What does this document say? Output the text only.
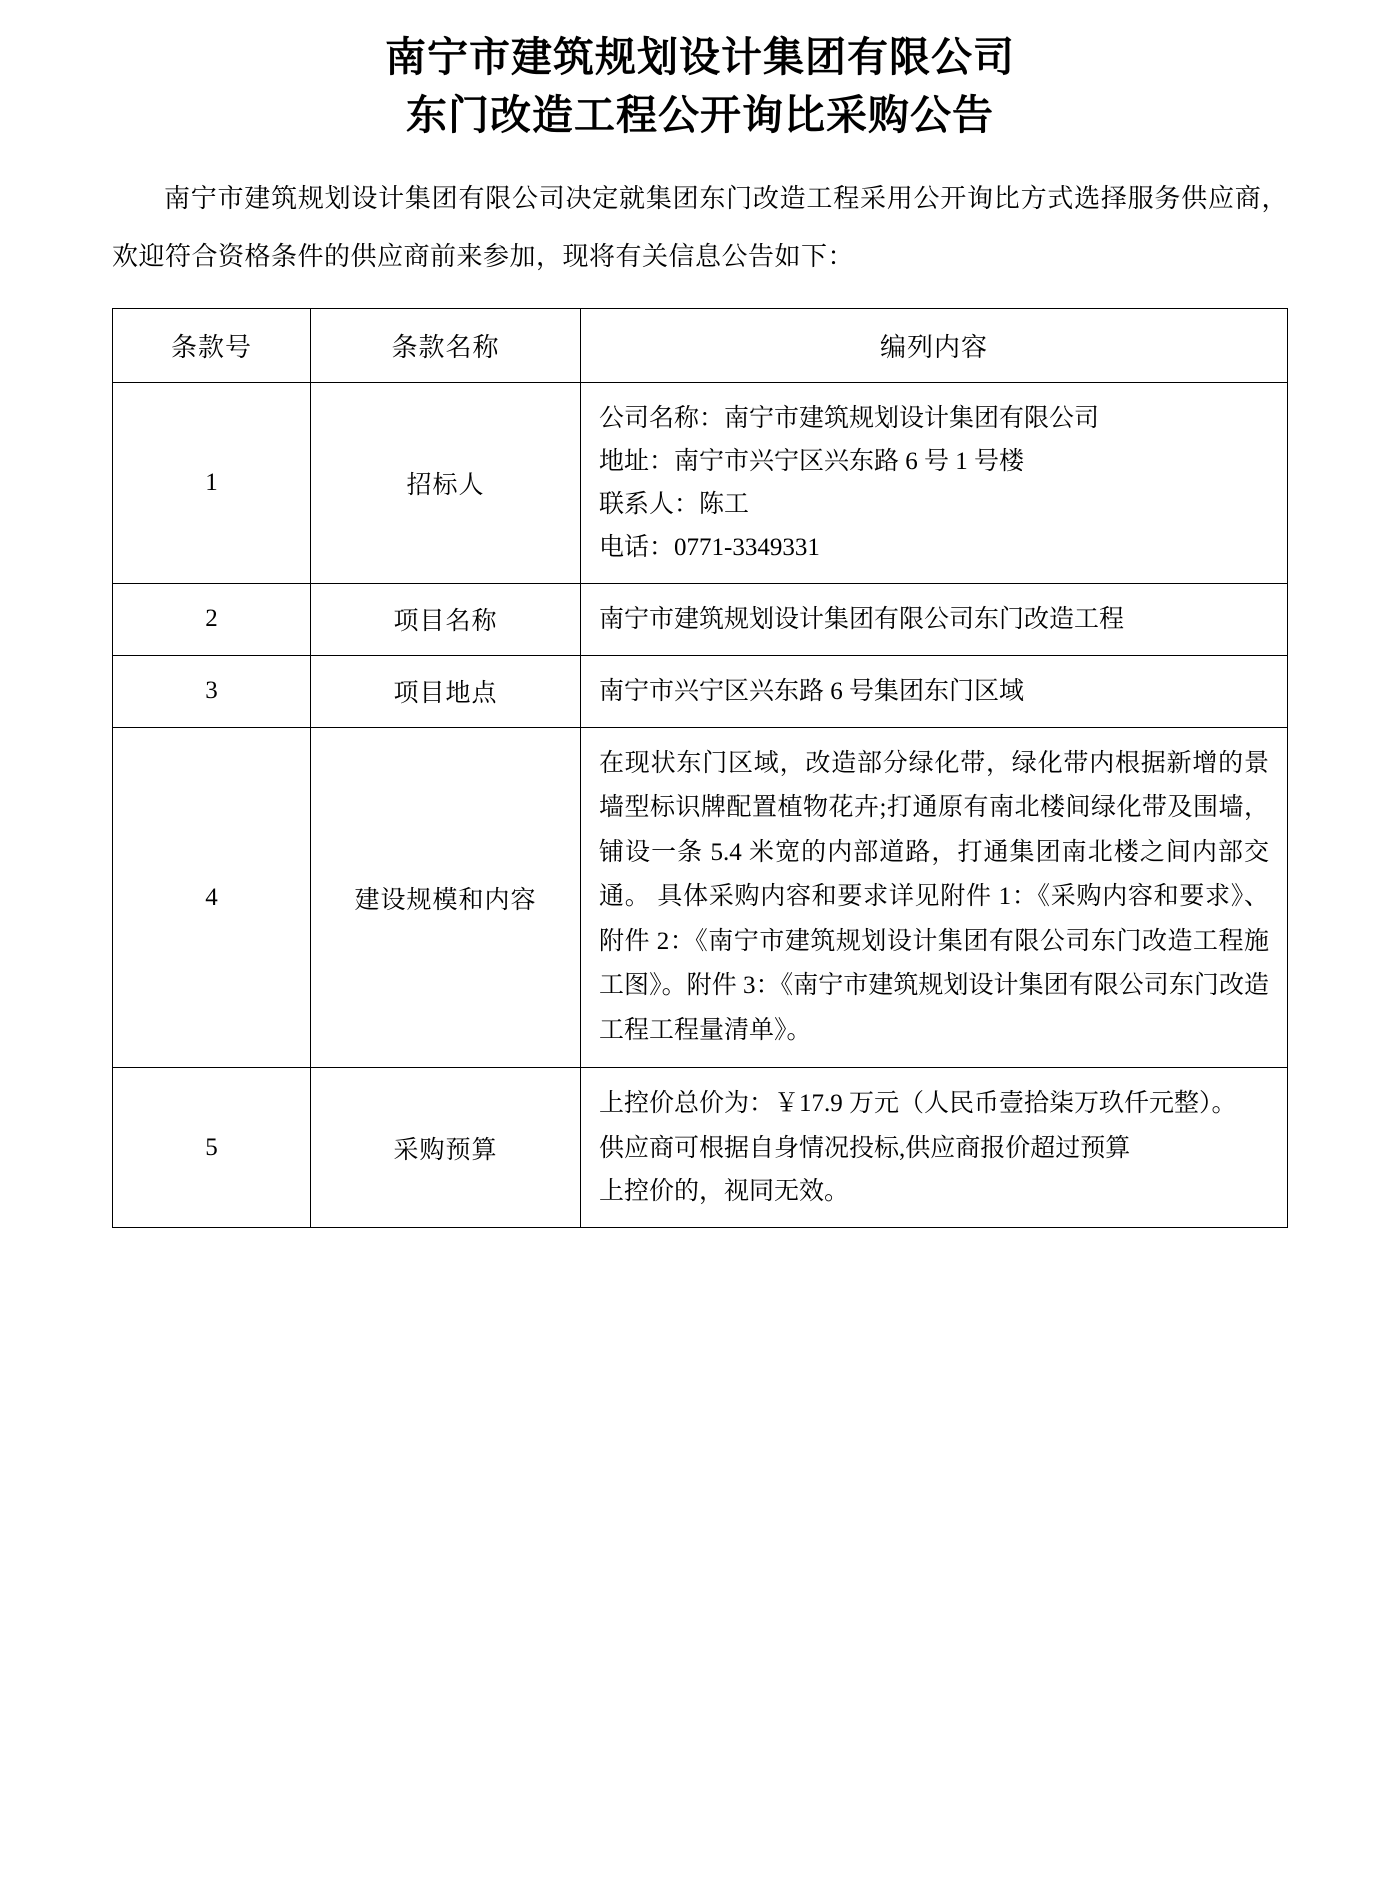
南宁市建筑规划设计集团有限公司
东门改造工程公开询比采购公告

南宁市建筑规划设计集团有限公司决定就集团东门改造工程采用公开询比方式选择服务供应商，欢迎符合资格条件的供应商前来参加，现将有关信息公告如下：

条款号	条款名称	编列内容
1	招标人	公司名称：南宁市建筑规划设计集团有限公司
地址：南宁市兴宁区兴东路 6 号 1 号楼
联系人：陈工
电话：0771-3349331

2	项目名称	南宁市建筑规划设计集团有限公司东门改造工程

3	项目地点	南宁市兴宁区兴东路 6 号集团东门区域

4	建设规模和内容	在现状东门区域，改造部分绿化带，绿化带内根据新增的景墙型标识牌配置植物花卉;打通原有南北楼间绿化带及围墙，铺设一条 5.4 米宽的内部道路，打通集团南北楼之间内部交通。 具体采购内容和要求详见附件 1：《采购内容和要求》、附件 2：《南宁市建筑规划设计集团有限公司东门改造工程施工图》。附件 3：《南宁市建筑规划设计集团有限公司东门改造工程工程量清单》。

5	采购预算	上控价总价为：￥17.9 万元（人民币壹拾柒万玖仟元整）。

供应商可根据自身情况投标,供应商报价超过预算
上控价的，视同无效。
